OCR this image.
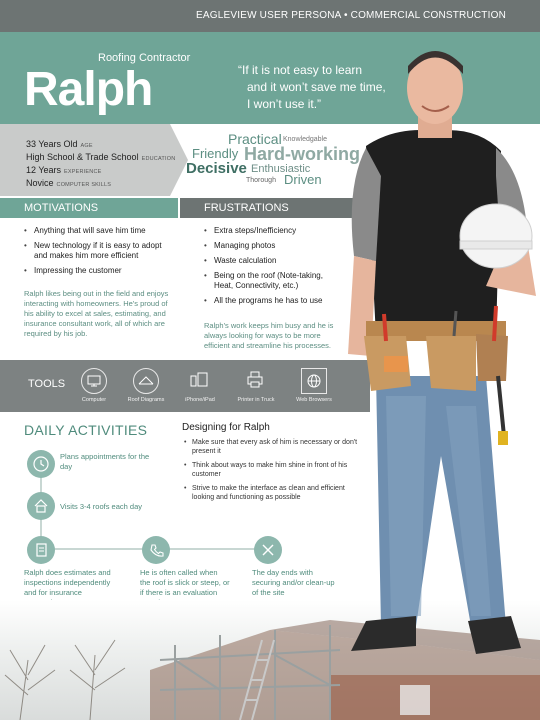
EAGLEVIEW USER PERSONA • COMMERCIAL CONSTRUCTION
Roofing Contractor
Ralph	“If it is not easy to learn
and it won’t save me time,
I won’t use it.”
33 Years Old AGE
High School & Trade School EDUCATION
12 Years EXPERIENCE
Novice COMPUTER SKILLS
Practical Knowledgable
Friendly Hard-working
Decisive Enthusiastic
Thorough Driven
MOTIVATIONS	FRUSTRATIONS
• Anything that will save him time
• New technology if it is easy to adopt and makes him more efficient
• Impressing the customer
Ralph likes being out in the field and enjoys interacting with homeowners. He's proud of his ability to excel at sales, estimating, and insurance consultant work, all of which are required by his job.
• Extra steps/Inefficiency
• Managing photos
• Waste calculation
• Being on the roof (Note-taking, Heat, Connectivity, etc.)
• All the programs he has to use
Ralph's work keeps him busy and he is always looking for ways to be more efficient and streamline his processes.
TOOLS
Computer	Roof Diagrams	iPhone/iPad	Printer in Truck	Web Browsers
DAILY ACTIVITIES
Plans appointments for the day
Visits 3-4 roofs each day
Ralph does estimates and inspections independently and for insurance
He is often called when the roof is slick or steep, or if there is an evaluation
The day ends with securing and/or clean-up of the site
Designing for Ralph
• Make sure that every ask of him is necessary or don't present it
• Think about ways to make him shine in front of his customer
• Strive to make the interface as clean and efficient looking and functioning as possible
